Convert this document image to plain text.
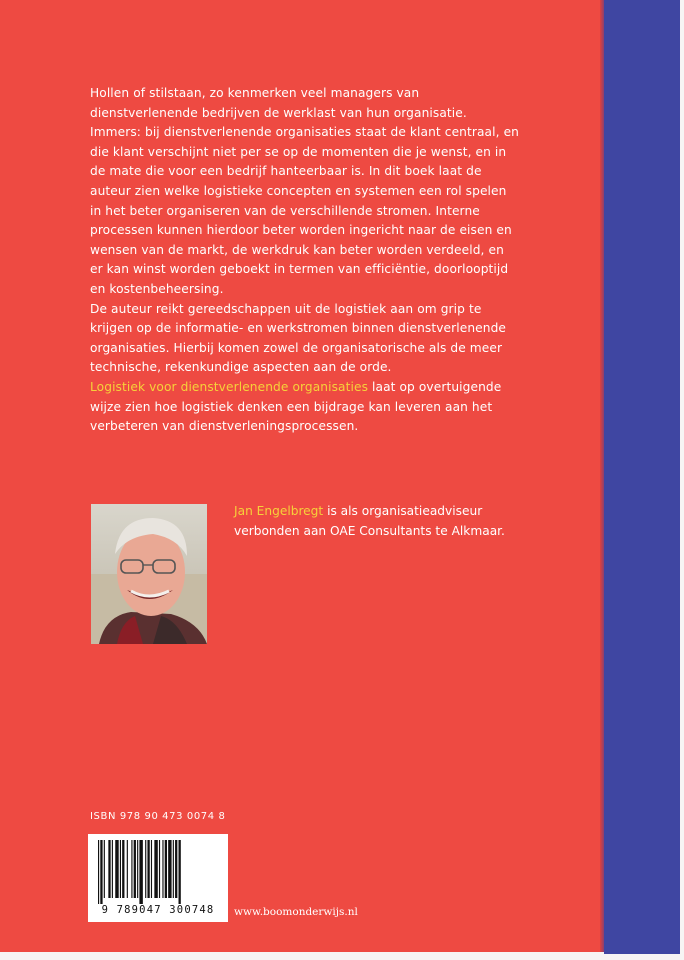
Hollen of stilstaan, zo kenmerken veel managers van dienstverlenende bedrijven de werklast van hun organisatie. Immers: bij dienstverlenende organisaties staat de klant centraal, en die klant verschijnt niet per se op de momenten die je wenst, en in de mate die voor een bedrijf hanteerbaar is. In dit boek laat de auteur zien welke logistieke concepten en systemen een rol spelen in het beter organiseren van de verschillende stromen. Interne processen kunnen hierdoor beter worden ingericht naar de eisen en wensen van de markt, de werkdruk kan beter worden verdeeld, en er kan winst worden geboekt in termen van efficiëntie, doorlooptijd en kostenbeheersing.

De auteur reikt gereedschappen uit de logistiek aan om grip te krijgen op de informatie- en werkstromen binnen dienstverlenende organisaties. Hierbij komen zowel de organisatorische als de meer technische, rekenkundige aspecten aan de orde.

Logistiek voor dienstverlenende organisaties laat op overtuigende wijze zien hoe logistiek denken een bijdrage kan leveren aan het verbeteren van dienstverleningsprocessen.

Jan Engelbregt is als organisatieadviseur verbonden aan OAE Consultants te Alkmaar.
ISBN 978 90 473 0074 8
9 789047 300748	www.boomonderwijs.nl
